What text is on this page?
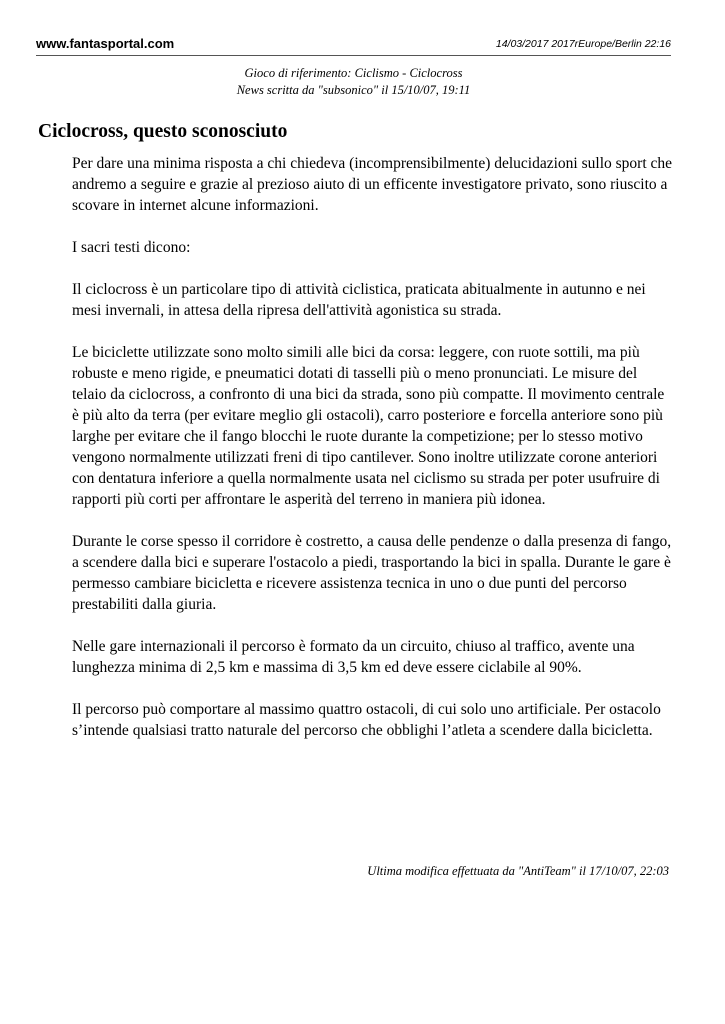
www.fantasportal.com	14/03/2017 2017rEurope/Berlin 22:16
Gioco di riferimento: Ciclismo - Ciclocross
News scritta da "subsonico" il 15/10/07, 19:11
Ciclocross, questo sconosciuto

Per dare una minima risposta a chi chiedeva (incomprensibilmente) delucidazioni sullo sport che andremo a seguire e grazie al prezioso aiuto di un efficente investigatore privato, sono riuscito a scovare in internet alcune informazioni.

I sacri testi dicono:

Il ciclocross è un particolare tipo di attività ciclistica, praticata abitualmente in autunno e nei mesi invernali, in attesa della ripresa dell'attività agonistica su strada.

Le biciclette utilizzate sono molto simili alle bici da corsa: leggere, con ruote sottili, ma più robuste e meno rigide, e pneumatici dotati di tasselli più o meno pronunciati. Le misure del telaio da ciclocross, a confronto di una bici da strada, sono più compatte. Il movimento centrale è più alto da terra (per evitare meglio gli ostacoli), carro posteriore e forcella anteriore sono più larghe per evitare che il fango blocchi le ruote durante la competizione; per lo stesso motivo vengono normalmente utilizzati freni di tipo cantilever. Sono inoltre utilizzate corone anteriori con dentatura inferiore a quella normalmente usata nel ciclismo su strada per poter usufruire di rapporti più corti per affrontare le asperità del terreno in maniera più idonea.

Durante le corse spesso il corridore è costretto, a causa delle pendenze o dalla presenza di fango, a scendere dalla bici e superare l'ostacolo a piedi, trasportando la bici in spalla. Durante le gare è permesso cambiare bicicletta e ricevere assistenza tecnica in uno o due punti del percorso prestabiliti dalla giuria.

Nelle gare internazionali il percorso è formato da un circuito, chiuso al traffico, avente una lunghezza minima di 2,5 km e massima di 3,5 km ed deve essere ciclabile al 90%.

Il percorso può comportare al massimo quattro ostacoli, di cui solo uno artificiale. Per ostacolo s’intende qualsiasi tratto naturale del percorso che obblighi l’atleta a scendere dalla bicicletta.

Ultima modifica effettuata da "AntiTeam" il 17/10/07, 22:03
